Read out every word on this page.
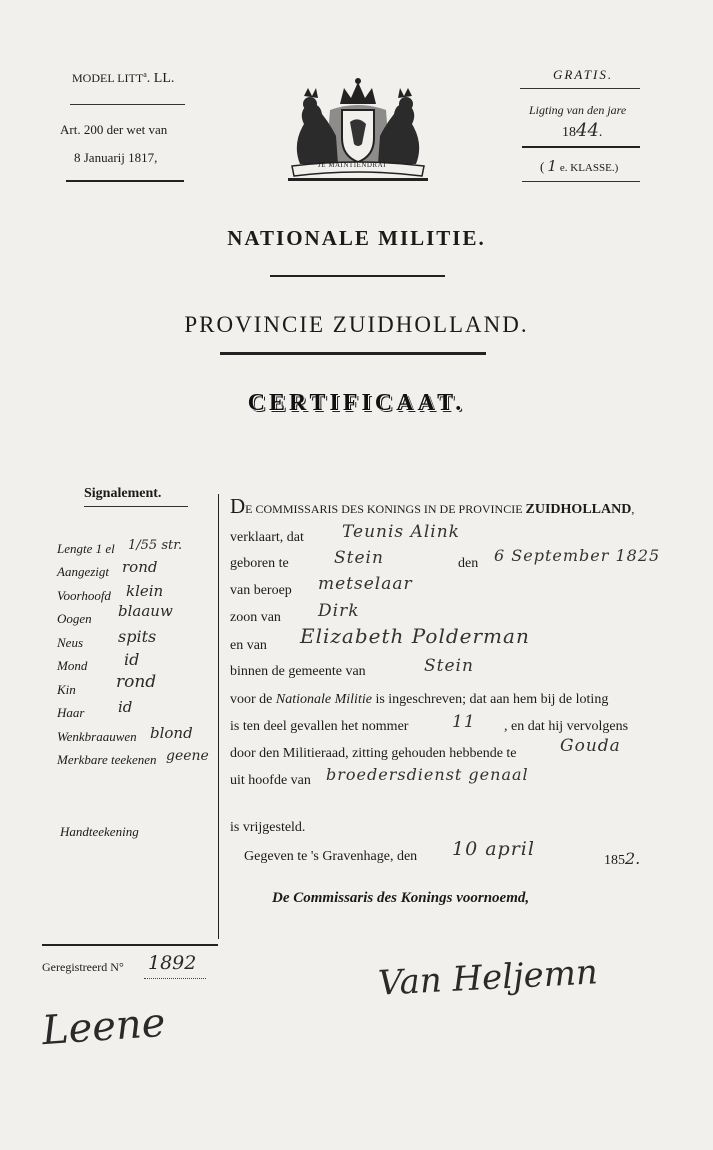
MODEL LITT$^a$. LL.
Art. 200 der wet van
8 Januarij 1817,	JE MAINTIENDRAI
GRATIS.
Ligting van den jare
1844.
( 1 e. KLASSE.)
NATIONALE MILITIE.
PROVINCIE ZUIDHOLLAND.
CERTIFICAAT.
Signalement.
Lengte 1 el 1/55 str.
Aangezigt rond
Voorhoofd klein
Oogen blaauw
Neus spits
Mond id
Kin rond
Haar id
Wenkbraauwen blond
Merkbare teekenen geene
Handteekening
Geregistreerd N° 1892
Leene
DE COMMISSARIS DES KONINGS IN DE PROVINCIE ZUIDHOLLAND,
verklaart, dat Teunis Alink
geboren te	Stein	den 6 September 1825
van beroep metselaar
zoon van Dirk
en van Elizabeth Polderman
binnen de gemeente van	Stein
voor de Nationale Militie is ingeschreven; dat aan hem bij de loting
is ten deel gevallen het nommer	11 , en dat hij vervolgens
door den Militieraad, zitting gehouden hebbende te	Gouda
uit hoofde van broedersdienst genaal
is vrijgesteld.
Gegeven te 's Gravenhage, den 10 april
1852.
De Commissaris des Konings voornoemd,
Van Heljemn
